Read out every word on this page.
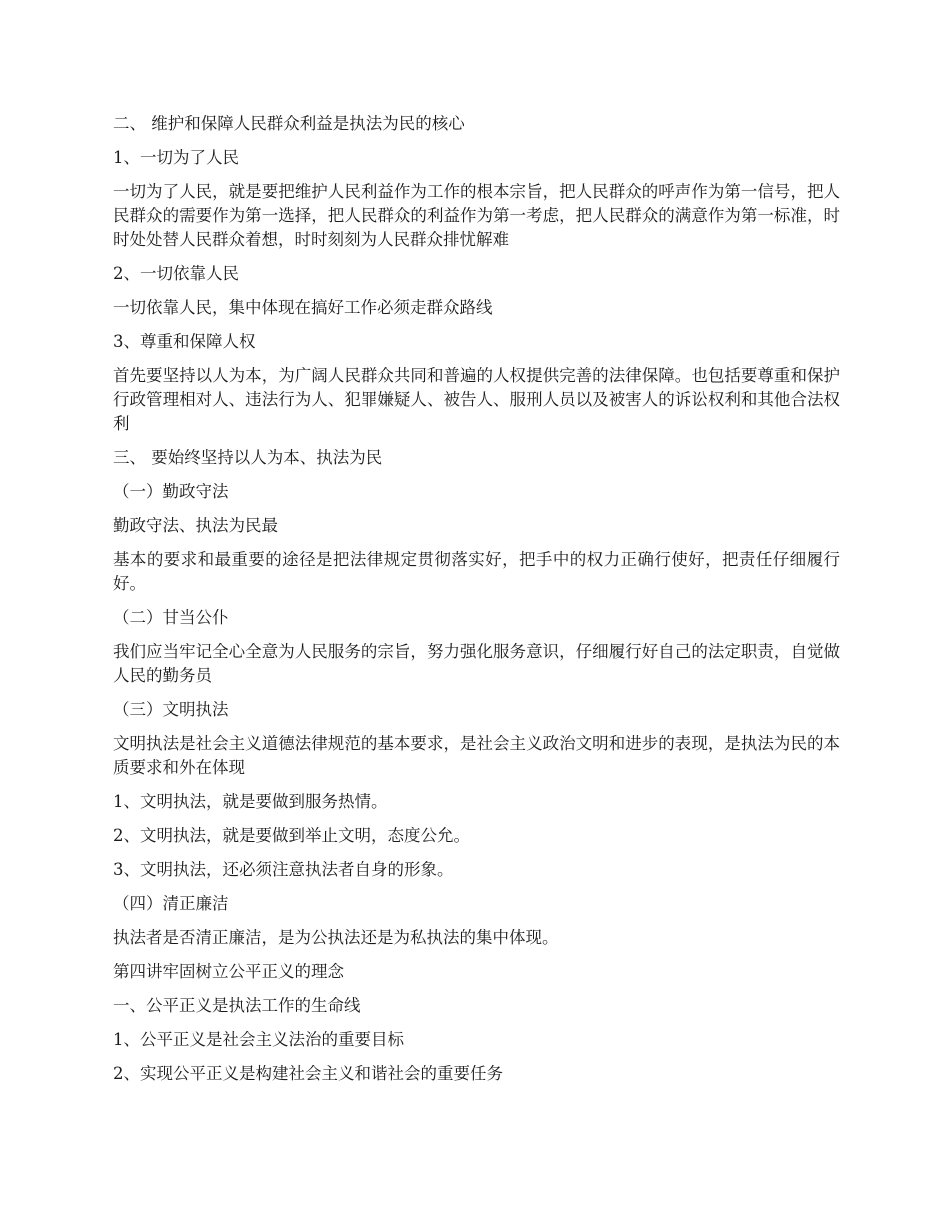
二、 维护和保障人民群众利益是执法为民的核心

1、一切为了人民

一切为了人民，就是要把维护人民利益作为工作的根本宗旨，把人民群众的呼声作为第一信号，把人民群众的需要作为第一选择，把人民群众的利益作为第一考虑，把人民群众的满意作为第一标准，时时处处替人民群众着想，时时刻刻为人民群众排忧解难

2、一切依靠人民

一切依靠人民，集中体现在搞好工作必须走群众路线

3、尊重和保障人权

首先要坚持以人为本，为广阔人民群众共同和普遍的人权提供完善的法律保障。也包括要尊重和保护行政管理相对人、违法行为人、犯罪嫌疑人、被告人、服刑人员以及被害人的诉讼权利和其他合法权利

三、 要始终坚持以人为本、执法为民

（一）勤政守法

勤政守法、执法为民最

基本的要求和最重要的途径是把法律规定贯彻落实好，把手中的权力正确行使好，把责任仔细履行好。

（二）甘当公仆

我们应当牢记全心全意为人民服务的宗旨，努力强化服务意识，仔细履行好自己的法定职责，自觉做人民的勤务员

（三）文明执法

文明执法是社会主义道德法律规范的基本要求，是社会主义政治文明和进步的表现，是执法为民的本质要求和外在体现

1、文明执法，就是要做到服务热情。

2、文明执法，就是要做到举止文明，态度公允。

3、文明执法，还必须注意执法者自身的形象。

（四）清正廉洁

执法者是否清正廉洁，是为公执法还是为私执法的集中体现。

第四讲牢固树立公平正义的理念

一、公平正义是执法工作的生命线

1、公平正义是社会主义法治的重要目标

2、实现公平正义是构建社会主义和谐社会的重要任务
